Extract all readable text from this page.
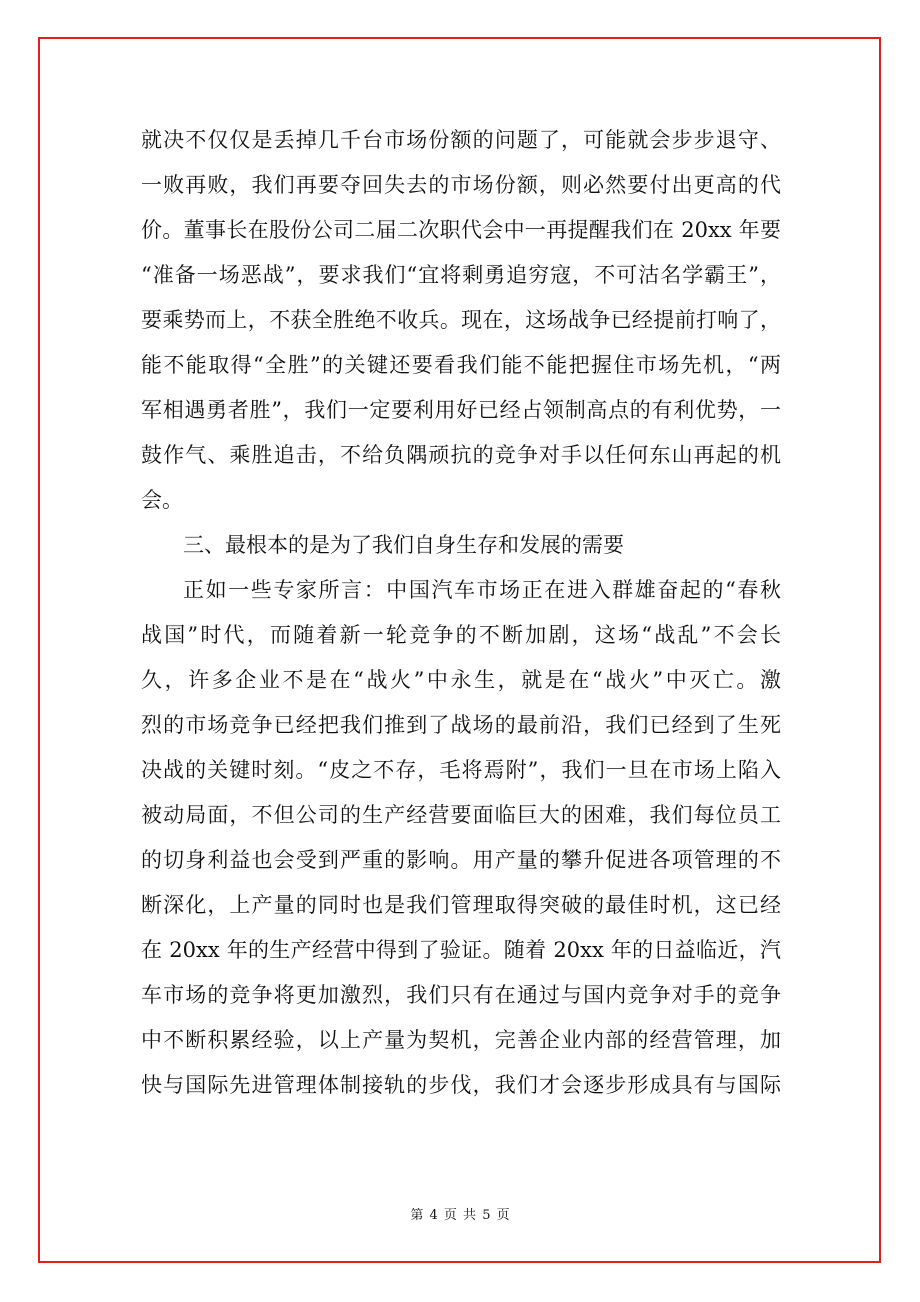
就决不仅仅是丢掉几千台市场份额的问题了，可能就会步步退守、
一败再败，我们再要夺回失去的市场份额，则必然要付出更高的代
价。董事长在股份公司二届二次职代会中一再提醒我们在 20xx 年要
“准备一场恶战”，要求我们“宜将剩勇追穷寇，不可沽名学霸王”，
要乘势而上，不获全胜绝不收兵。现在，这场战争已经提前打响了，
能不能取得“全胜”的关键还要看我们能不能把握住市场先机，“两
军相遇勇者胜”，我们一定要利用好已经占领制高点的有利优势，一
鼓作气、乘胜追击，不给负隅顽抗的竞争对手以任何东山再起的机
会。
三、最根本的是为了我们自身生存和发展的需要
正如一些专家所言：中国汽车市场正在进入群雄奋起的“春秋
战国”时代，而随着新一轮竞争的不断加剧，这场“战乱”不会长
久，许多企业不是在“战火”中永生，就是在“战火”中灭亡。激
烈的市场竞争已经把我们推到了战场的最前沿，我们已经到了生死
决战的关键时刻。“皮之不存，毛将焉附”，我们一旦在市场上陷入
被动局面，不但公司的生产经营要面临巨大的困难，我们每位员工
的切身利益也会受到严重的影响。用产量的攀升促进各项管理的不
断深化，上产量的同时也是我们管理取得突破的最佳时机，这已经
在 20xx 年的生产经营中得到了验证。随着 20xx 年的日益临近，汽
车市场的竞争将更加激烈，我们只有在通过与国内竞争对手的竞争
中不断积累经验，以上产量为契机，完善企业内部的经营管理，加
快与国际先进管理体制接轨的步伐，我们才会逐步形成具有与国际
第 4 页 共 5 页
